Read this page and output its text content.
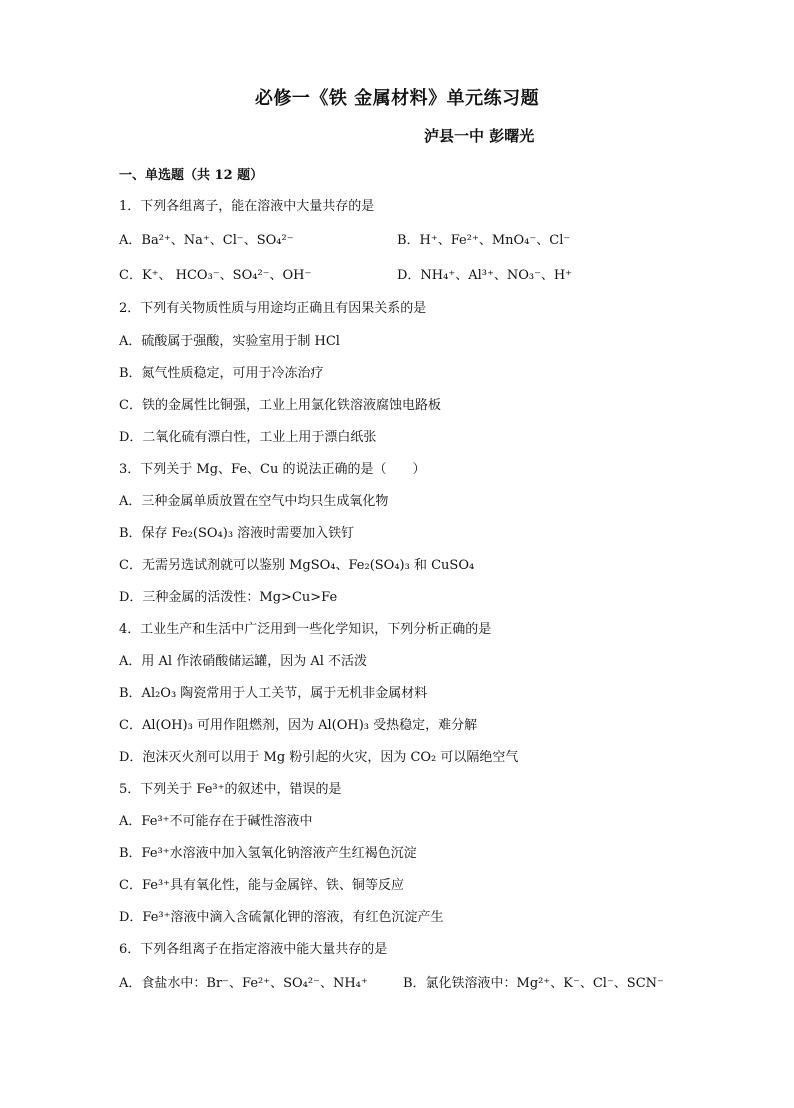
必修一《铁 金属材料》单元练习题
泸县一中 彭曙光
一、单选题（共 12 题）
1．下列各组离子，能在溶液中大量共存的是
A．Ba²⁺、Na⁺、Cl⁻、SO₄²⁻	B．H⁺、Fe²⁺、MnO₄⁻、Cl⁻
C．K⁺、 HCO₃⁻、SO₄²⁻、OH⁻	D．NH₄⁺、Al³⁺、NO₃⁻、H⁺
2．下列有关物质性质与用途均正确且有因果关系的是
A．硫酸属于强酸，实验室用于制 HCl
B．氮气性质稳定，可用于冷冻治疗
C．铁的金属性比铜强，工业上用氯化铁溶液腐蚀电路板
D．二氧化硫有漂白性，工业上用于漂白纸张
3．下列关于 Mg、Fe、Cu 的说法正确的是（　　）
A．三种金属单质放置在空气中均只生成氧化物
B．保存 Fe₂(SO₄)₃ 溶液时需要加入铁钉
C．无需另选试剂就可以鉴别 MgSO₄、Fe₂(SO₄)₃ 和 CuSO₄
D．三种金属的活泼性：Mg>Cu>Fe
4．工业生产和生活中广泛用到一些化学知识，下列分析正确的是
A．用 Al 作浓硝酸储运罐，因为 Al 不活泼
B．Al₂O₃ 陶瓷常用于人工关节，属于无机非金属材料
C．Al(OH)₃ 可用作阻燃剂，因为 Al(OH)₃ 受热稳定，难分解
D．泡沫灭火剂可以用于 Mg 粉引起的火灾，因为 CO₂ 可以隔绝空气
5．下列关于 Fe³⁺的叙述中，错误的是
A．Fe³⁺不可能存在于碱性溶液中
B．Fe³⁺水溶液中加入氢氧化钠溶液产生红褐色沉淀
C．Fe³⁺具有氧化性，能与金属锌、铁、铜等反应
D．Fe³⁺溶液中滴入含硫氰化钾的溶液，有红色沉淀产生
6．下列各组离子在指定溶液中能大量共存的是
A．食盐水中：Br⁻、Fe²⁺、SO₄²⁻、NH₄⁺	B．氯化铁溶液中：Mg²⁺、K⁻、Cl⁻、SCN⁻
